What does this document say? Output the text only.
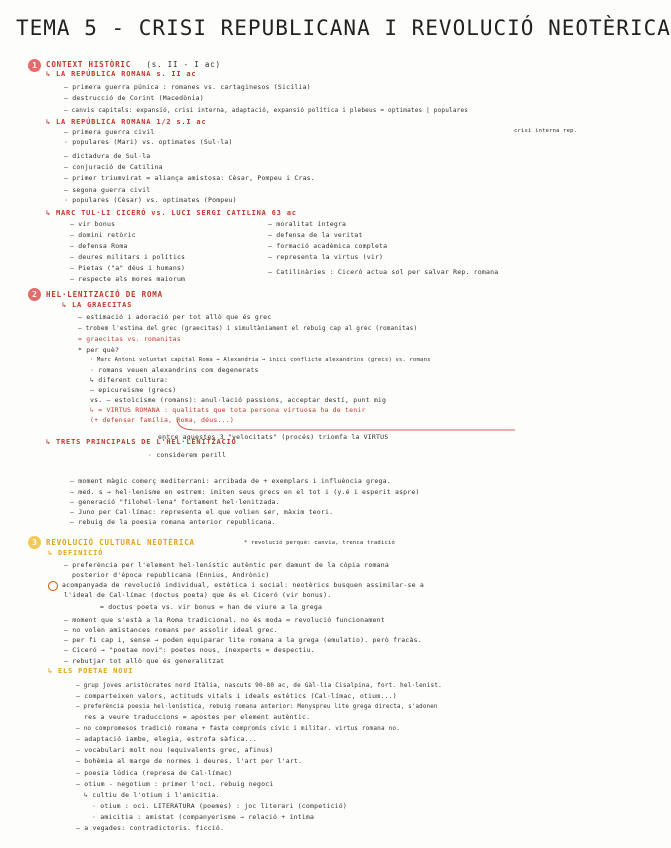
TEMA 5 - CRISI REPUBLICANA I REVOLUCIÓ NEOTÈRICA
1	CONTEXT HISTÒRIC (s. II - I ac)
↳ LA REPÚBLICA ROMANA s. II ac
– primera guerra púnica : romanes vs. cartaginesos (Sicília)
– destrucció de Corint (Macedònia)
– canvis capitals: expansió, crisi interna, adaptació, expansió política i plebeus = optimates | populares
crisi interna rep.
↳ LA REPÚBLICA ROMANA 1/2 s.I ac
– primera guerra civil
· populares (Mari) vs. optimates (Sul·la)
– dictadura de Sul·la
– conjuració de Catilina
– primer triumvirat = aliança amistosa: Cèsar, Pompeu i Cras.
– segona guerra civil
· populares (Cèsar) vs. optimates (Pompeu)
↳ MARC TUL·LI CICERÓ vs. LUCI SERGI CATILINA 63 ac
– vir bonus
– domini retòric
– defensa Roma
– deures militars i polítics
– Pietas ("a" déus i humans)
– respecte als mores maiorum
– moralitat íntegra
– defensa de la veritat
– formació acadèmica completa
– representa la virtus (vir)
– Catilinàries : Ciceró actua sol per salvar Rep. romana
2	HEL·LENITZACIÓ DE ROMA
↳ LA GRAECITAS
– estimació i adoració per tot allò que és grec
– trobem l'estima del grec (graecitas) i simultàniament el rebuig cap al grec (romanitas)
= graecitas vs. romanitas
* per què?
· Marc Antoni voluntat capital Roma → Alexandria → inici conflicte alexandrins (grecs) vs. romans
· romans veuen alexandrins com degenerats
↳ diferent cultura:
– epicureisme (grecs)
vs. – estoïcisme (romans): anul·lació passions, acceptar destí, punt mig
↳ = VIRTUS ROMANA : qualitats que tota persona virtuosa ha de tenir
(+ defensar família, Roma, déus...)
entre aquestes 3 "velocitats" (procés) triomfa la VIRTUS
· considerem perill
↳ TRETS PRINCIPALS DE L'HEL·LENITZACIÓ
– moment màgic comerç mediterrani: arribada de + exemplars i influència grega.
– med. s → hel·lenisme en estrem: imiten seus grecs en el tot i (y.é i esperit aspre)
– generació "filohel·lena" fortament hel·lenitzada.
– Juno per Cal·límac: representa el que volien ser, màxim teori.
– rebuig de la poesia romana anterior republicana.
3	REVOLUCIÓ CULTURAL NEOTÈRICA	* revolució perquè: canvia, trenca tradició
↳ DEFINICIÓ
– preferència per l'element hel·lenístic autèntic per damunt de la còpia romana
posterior d'època republicana (Ennius, Andrònic)
acompanyada de revolució individual, estètica i social: neotèrics busquen assimilar-se a
l'ideal de Cal·límac (doctus poeta) que és el Ciceró (vir bonus).
≈ doctus poeta vs. vir bonus = han de viure a la grega
– moment que s'està a la Roma tradicional. no és moda = revolució funcionament
– no volen amistances romans per assolir ideal grec.
– per fi cap i, sense → poden equiparar lite romana a la grega (emulatio). però fracàs.
– Ciceró → "poetae novi": poetes nous, inexperts = despectiu.
– rebutjar tot allò que és generalitzat
↳ ELS POETAE NOVI
– grup joves aristòcrates nord Itàlia, nascuts 90-80 ac, de Gàl·lia Cisalpina, fort. hel·lenist.
– comparteixen valors, actituds vitals i ideals estètics (Cal·límac, otium...)
– preferència poesia hel·lenística, rebuig romana anterior: Menyspreu lite grega directa, s'adonen
res a veure traduccions = apostes per element autèntic.
– no compromesos tradició romana + fasta compromís cívic i militar. virtus romana no.
– adaptació iambe, elegia, estrofa sàfica...
– vocabulari molt nou (equivalents grec, afinus)
– bohèmia al marge de normes i deures. l'art per l'art.
– poesia lúdica (represa de Cal·límac)
– otium - negotium : primer l'oci. rebuig negoci
↳ cultiu de l'otium i l'amicitia.
· otium : oci. LITERATURA (poemes) : joc literari (competició)
· amicitia : amistat (companyerisme → relació + íntima
– a vegades: contradictoris. ficció.
